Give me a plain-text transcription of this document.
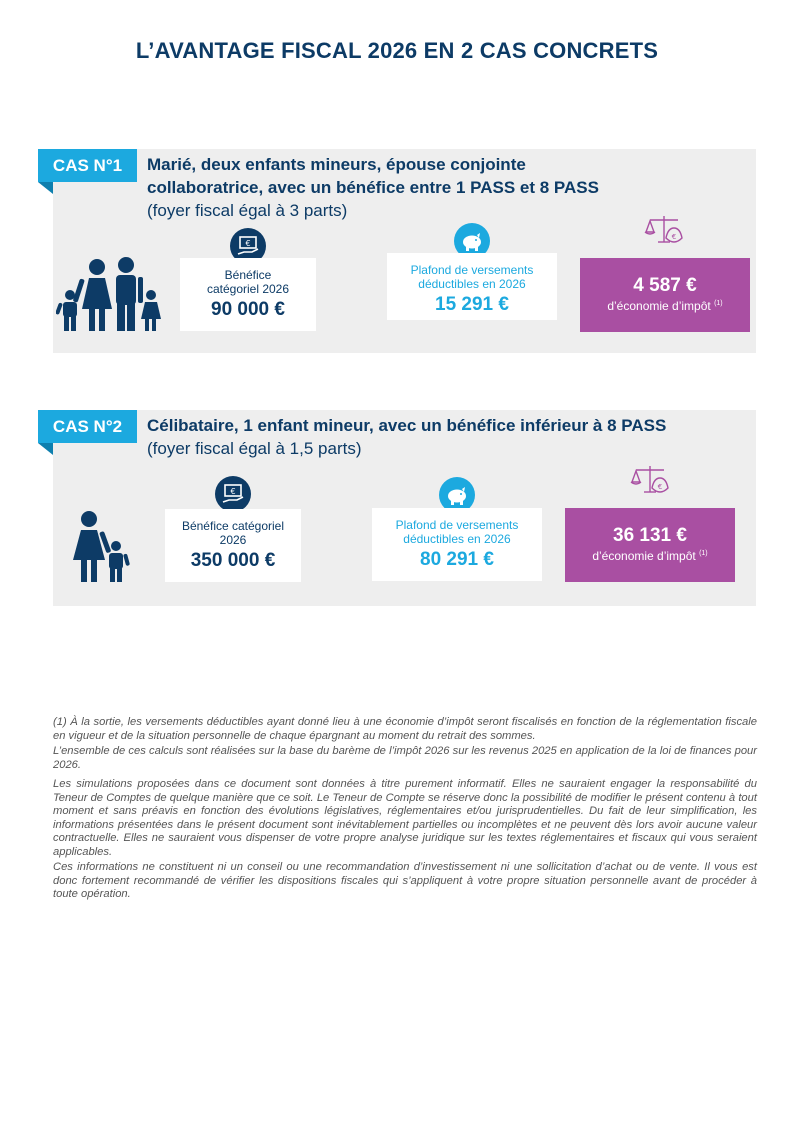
L’AVANTAGE FISCAL 2026 EN 2 CAS CONCRETS
CAS N°1	Marié, deux enfants mineurs, épouse conjointe
collaboratrice, avec un bénéfice entre 1 PASS et 8 PASS
(foyer fiscal égal à 3 parts)
€
Bénéfice catégoriel 2026
90 000 €
Plafond de versements déductibles en 2026
15 291 €
€
4 587 €
d’économie d’impôt $^{(1)}$
CAS N°2	Célibataire, 1 enfant mineur, avec un bénéfice inférieur à 8 PASS
(foyer fiscal égal à 1,5 parts)
€
Bénéfice catégoriel 2026
350 000 €
Plafond de versements déductibles en 2026
80 291 €
€
36 131 €
d’économie d’impôt $^{(1)}$

(1) À la sortie, les versements déductibles ayant donné lieu à une économie d’impôt seront fiscalisés en fonction de la réglementation fiscale en vigueur et de la situation personnelle de chaque épargnant au moment du retrait des sommes.

L’ensemble de ces calculs sont réalisées sur la base du barème de l’impôt 2026 sur les revenus 2025 en application de la loi de finances pour 2026.

Les simulations proposées dans ce document sont données à titre purement informatif. Elles ne sauraient engager la responsabilité du Teneur de Comptes de quelque manière que ce soit. Le Teneur de Compte se réserve donc la possibilité de modifier le présent contenu à tout moment et sans préavis en fonction des évolutions législatives, réglementaires et/ou jurisprudentielles. Du fait de leur simplification, les informations présentées dans le présent document sont inévitablement partielles ou incomplètes et ne peuvent dès lors avoir aucune valeur contractuelle. Elles ne sauraient vous dispenser de votre propre analyse juridique sur les textes réglementaires et fiscaux qui vous seraient applicables.

Ces informations ne constituent ni un conseil ou une recommandation d’investissement ni une sollicitation d’achat ou de vente. Il vous est donc fortement recommandé de vérifier les dispositions fiscales qui s’appliquent à votre propre situation personnelle avant de procéder à toute opération.
